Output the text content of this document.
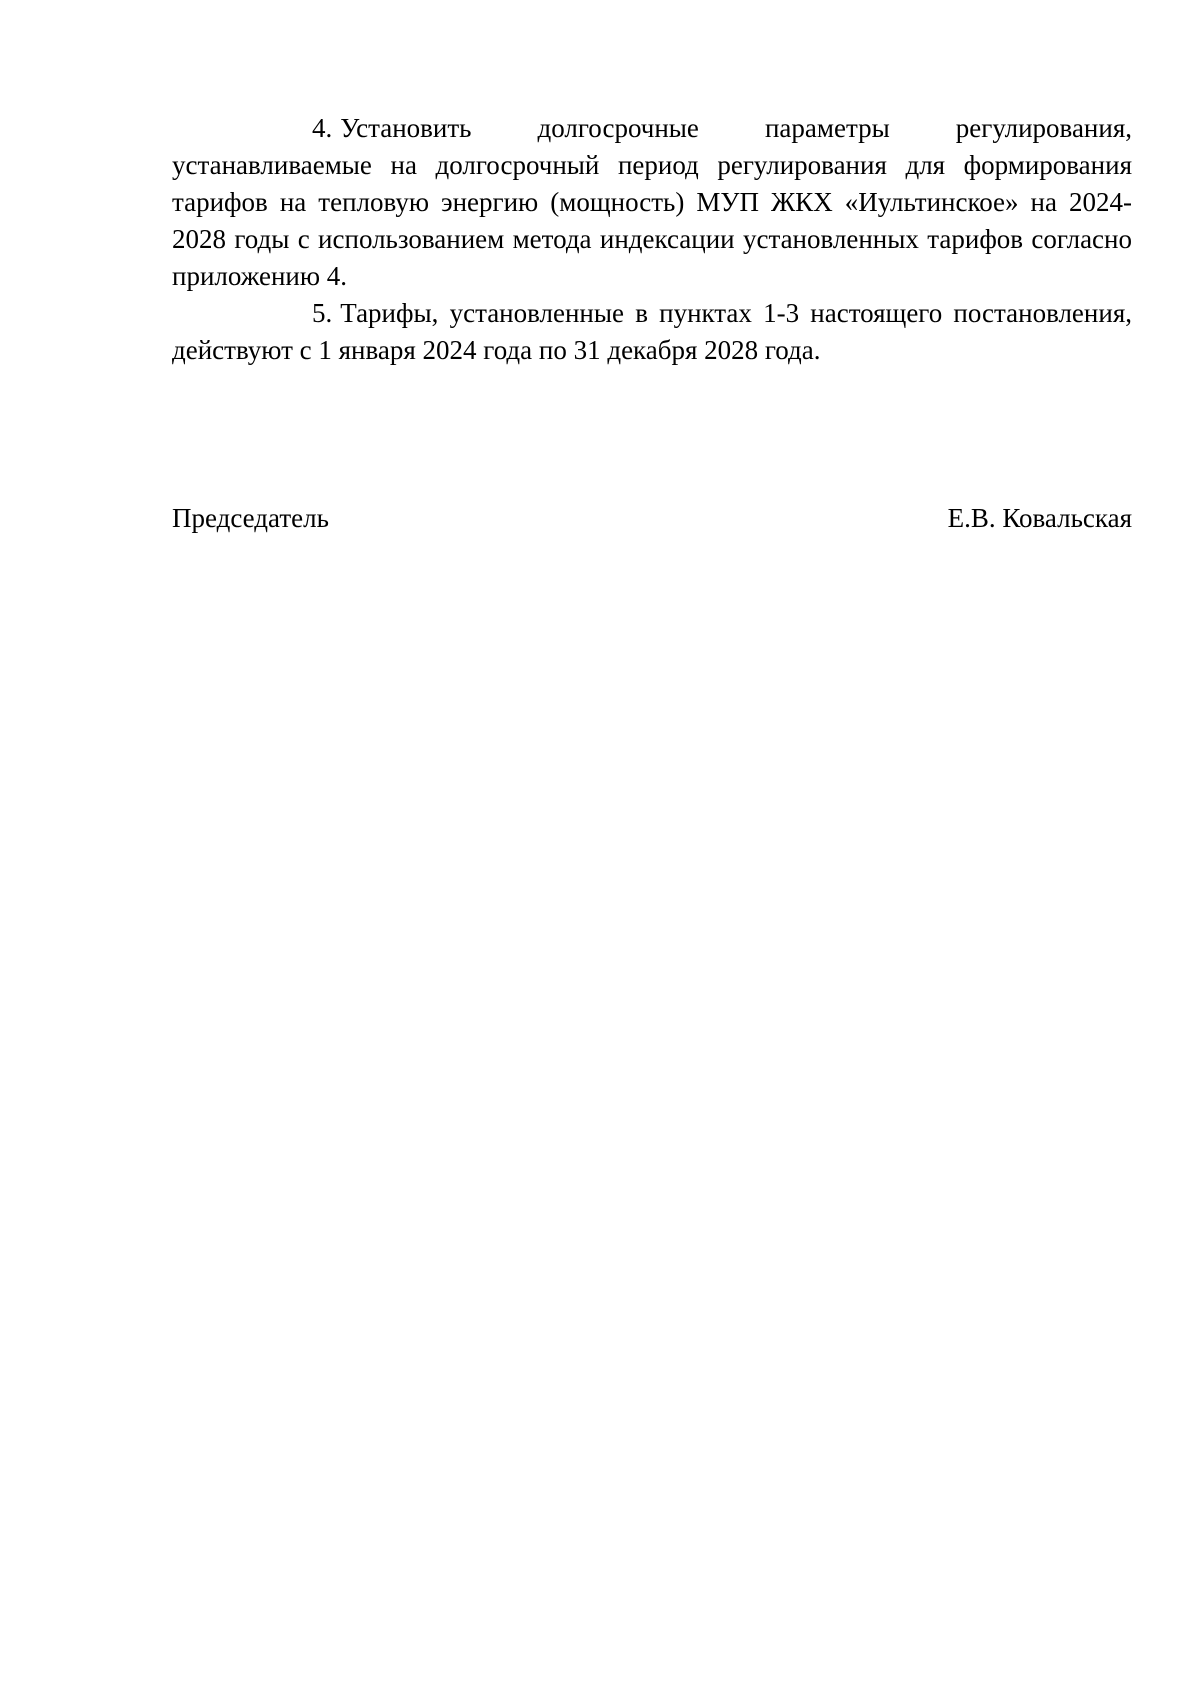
4. Установить долгосрочные параметры регулирования, устанавливаемые на долгосрочный период регулирования для формирования тарифов на тепловую энергию (мощность) МУП ЖКХ «Иультинское» на 2024-2028 годы с использованием метода индексации установленных тарифов согласно приложению 4.

5. Тарифы, установленные в пунктах 1-3 настоящего постановления, действуют с 1 января 2024 года по 31 декабря 2028 года.

Председатель	Е.В. Ковальская
